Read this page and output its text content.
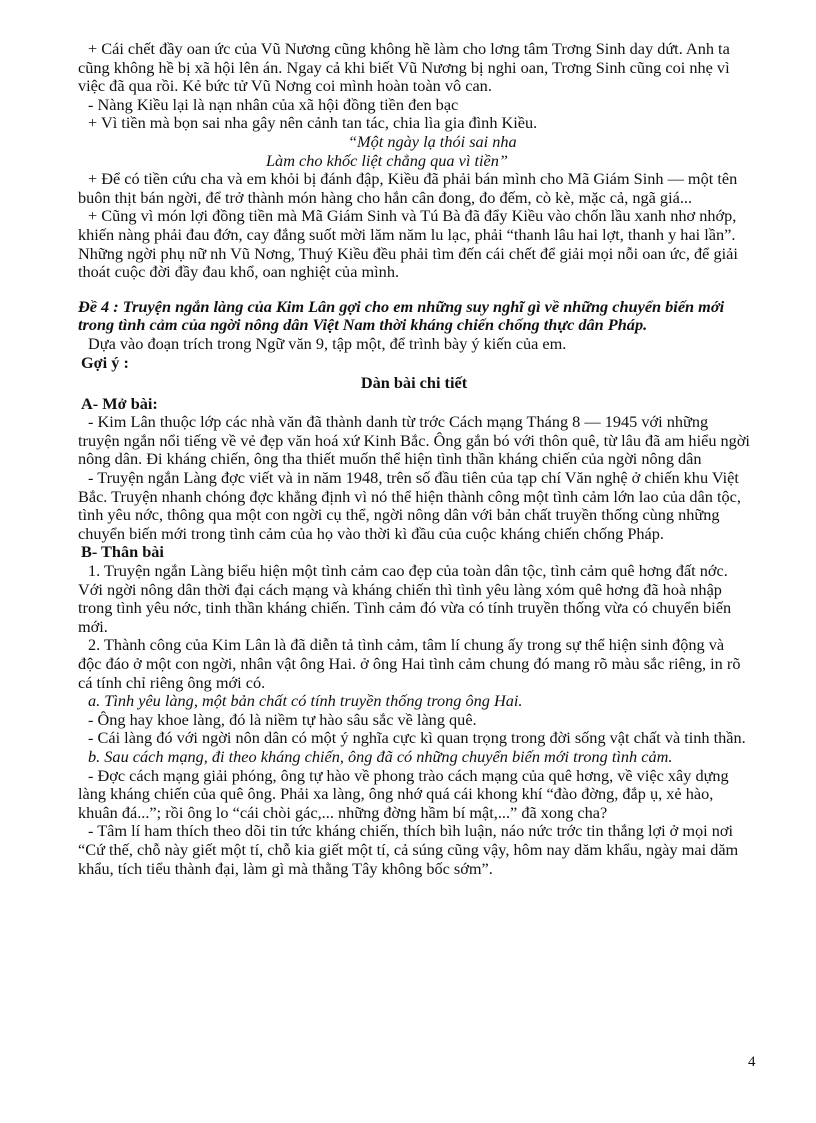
+ Cái chết đầy oan ức của Vũ Nương cũng không hề làm cho lơng tâm Trơng Sinh day dứt. Anh ta cũng không hề bị xã hội lên án. Ngay cả khi biết Vũ Nương bị nghi oan, Trơng Sinh cũng coi nhẹ vì việc đã qua rồi. Kẻ bức tử Vũ Nơng coi mình hoàn toàn vô can.

- Nàng Kiều lại là nạn nhân của xã hội đồng tiền đen bạc

+ Vì tiền mà bọn sai nha gây nên cảnh tan tác, chia lìa gia đình Kiều.

“Một ngày lạ thói sai nha

Làm cho khốc liệt chẳng qua vì tiền”

+ Để có tiền cứu cha và em khỏi bị đánh đập, Kiều đã phải bán mình cho Mã Giám Sinh — một tên buôn thịt bán ngời, để trở thành món hàng cho hắn cân đong, đo đếm, cò kè, mặc cả, ngã giá...

+ Cũng vì món lợi đồng tiền mà Mã Giám Sinh và Tú Bà đã đẩy Kiều vào chốn lầu xanh nhơ nhớp, khiến nàng phải đau đớn, cay đắng suốt mời lăm năm lu lạc, phải “thanh lâu hai lợt, thanh y hai lần”.

Những ngời phụ nữ nh Vũ Nơng, Thuý Kiều đều phải tìm đến cái chết để giải mọi nỗi oan ức, để giải thoát cuộc đời đầy đau khổ, oan nghiệt của mình.

Đề 4 : Truyện ngắn làng của Kim Lân gợi cho em những suy nghĩ gì về những chuyển biến mới trong tình cảm của ngời nông dân Việt Nam thời kháng chiến chống thực dân Pháp.

Dựa vào đoạn trích trong Ngữ văn 9, tập một, để trình bày ý kiến của em.

Gợi ý :

Dàn bài chi tiết

A- Mở bài:

- Kim Lân thuộc lớp các nhà văn đã thành danh từ trớc Cách mạng Tháng 8 — 1945 với những truyện ngắn nổi tiếng về vẻ đẹp văn hoá xứ Kinh Bắc. Ông gắn bó với thôn quê, từ lâu đã am hiểu ngời nông dân. Đi kháng chiến, ông tha thiết muốn thể hiện tình thần kháng chiến của ngời nông dân

- Truyện ngắn Làng đợc viết và in năm 1948, trên số đầu tiên của tạp chí Văn nghệ ở chiến khu Việt Bắc. Truyện nhanh chóng đợc khẳng định vì nó thể hiện thành công một tình cảm lớn lao của dân tộc, tình yêu nớc, thông qua một con ngời cụ thể, ngời nông dân với bản chất truyền thống cùng những chuyển biến mới trong tình cảm của họ vào thời kì đầu của cuộc kháng chiến chống Pháp.

B- Thân bài

1. Truyện ngắn Làng biểu hiện một tình cảm cao đẹp của toàn dân tộc, tình cảm quê hơng đất nớc. Với ngời nông dân thời đại cách mạng và kháng chiến thì tình yêu làng xóm quê hơng đã hoà nhập trong tình yêu nớc, tinh thần kháng chiến. Tình cảm đó vừa có tính truyền thống vừa có chuyển biến mới.

2. Thành công của Kim Lân là đã diễn tả tình cảm, tâm lí chung ấy trong sự thể hiện sinh động và độc đáo ở một con ngời, nhân vật ông Hai. ở ông Hai tình cảm chung đó mang rõ màu sắc riêng, in rõ cá tính chỉ riêng ông mới có.

a. Tình yêu làng, một bản chất có tính truyền thống trong ông Hai.

- Ông hay khoe làng, đó là niềm tự hào sâu sắc về làng quê.

- Cái làng đó với ngời nôn dân có một ý nghĩa cực kì quan trọng trong đời sống vật chất và tinh thần.

b. Sau cách mạng, đi theo kháng chiến, ông đã có những chuyển biến mới trong tình cảm.

- Đợc cách mạng giải phóng, ông tự hào về phong trào cách mạng của quê hơng, về việc xây dựng làng kháng chiến của quê ông. Phải xa làng, ông nhớ quá cái khong khí “đào đờng, đắp ụ, xẻ hào, khuân đá...”; rồi ông lo “cái chòi gác,... những đờng hầm bí mật,...” đã xong cha?

- Tâm lí ham thích theo dõi tin tức kháng chiến, thích bìh luận, náo nức trớc tin thắng lợi ở mọi nơi “Cứ thế, chỗ này giết một tí, chỗ kia giết một tí, cả súng cũng vậy, hôm nay dăm khẩu, ngày mai dăm khẩu, tích tiểu thành đại, làm gì mà thằng Tây không bốc sớm”.

4
